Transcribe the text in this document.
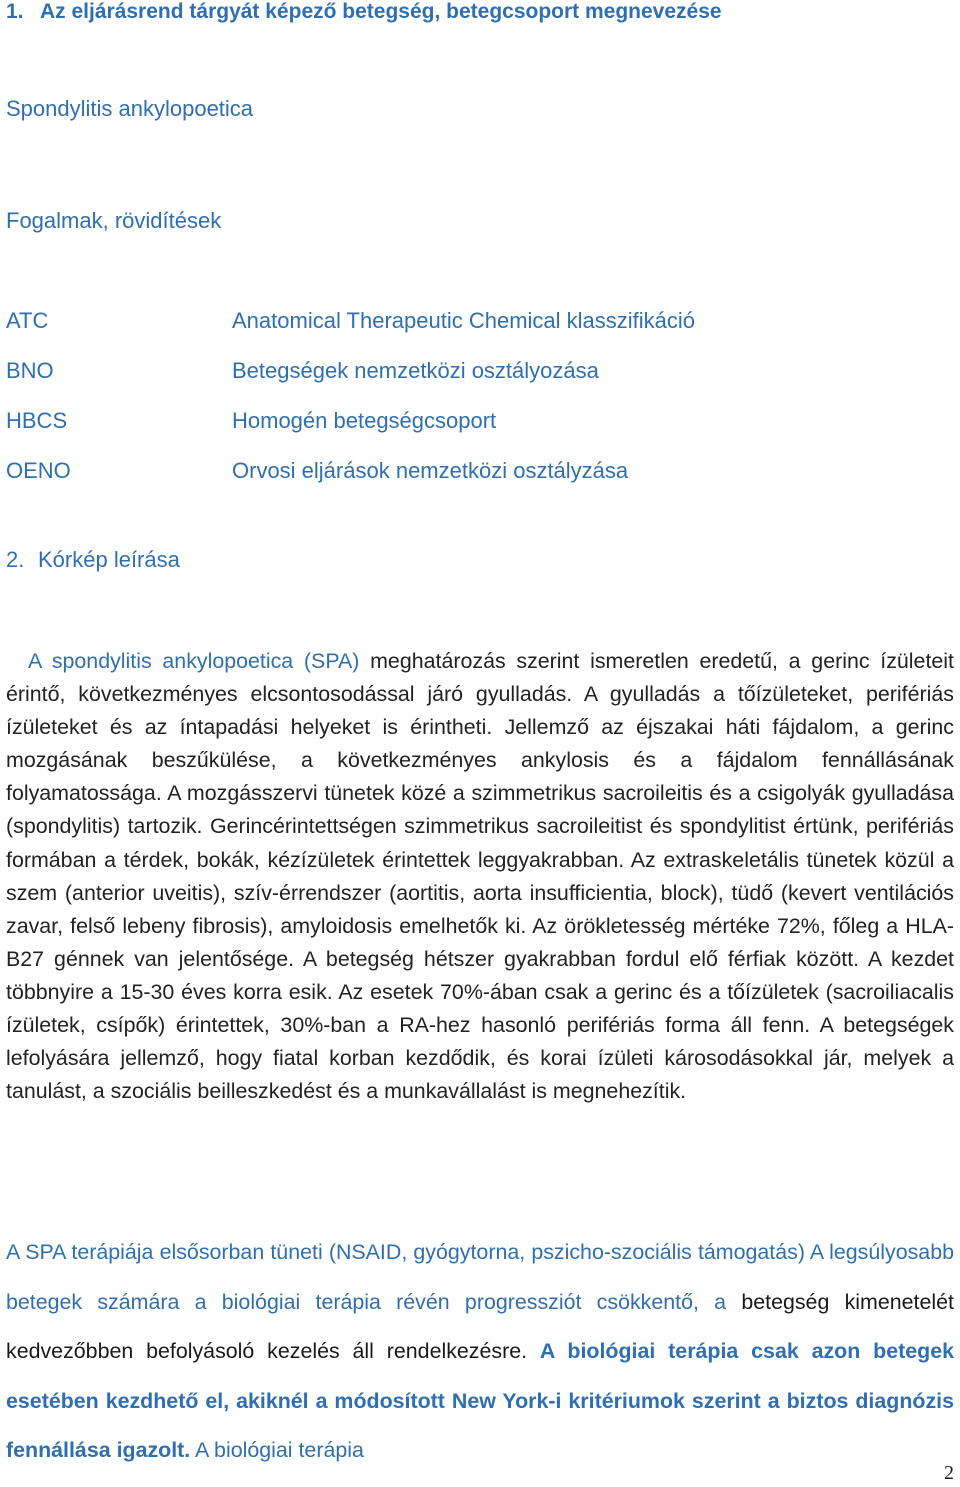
1. Az eljárásrend tárgyát képező betegség, betegcsoport megnevezése
Spondylitis ankylopoetica
Fogalmak, rövidítések
ATC	Anatomical Therapeutic Chemical klasszifikáció
BNO	Betegségek nemzetközi osztályozása
HBCS	Homogén betegségcsoport
OENO	Orvosi eljárások nemzetközi osztályzása
2. Kórkép leírása
A spondylitis ankylopoetica (SPA) meghatározás szerint ismeretlen eredetű, a gerinc ízületeit érintő, következményes elcsontosodással járó gyulladás. A gyulladás a tőízületeket, perifériás ízületeket és az íntapadási helyeket is érintheti. Jellemző az éjszakai háti fájdalom, a gerinc mozgásának beszűkülése, a következményes ankylosis és a fájdalom fennállásának folyamatossága. A mozgásszervi tünetek közé a szimmetrikus sacroileitis és a csigolyák gyulladása (spondylitis) tartozik. Gerincérintettségen szimmetrikus sacroileitist és spondylitist értünk, perifériás formában a térdek, bokák, kézízületek érintettek leggyakrabban. Az extraskeletális tünetek közül a szem (anterior uveitis), szív-érrendszer (aortitis, aorta insufficientia, block), tüdő (kevert ventilációs zavar, felső lebeny fibrosis), amyloidosis emelhetők ki. Az örökletesség mértéke 72%, főleg a HLA-B27 génnek van jelentősége. A betegség hétszer gyakrabban fordul elő férfiak között. A kezdet többnyire a 15-30 éves korra esik. Az esetek 70%-ában csak a gerinc és a tőízületek (sacroiliacalis ízületek, csípők) érintettek, 30%-ban a RA-hez hasonló perifériás forma áll fenn. A betegségek lefolyására jellemző, hogy fiatal korban kezdődik, és korai ízületi károsodásokkal jár, melyek a tanulást, a szociális beilleszkedést és a munkavállalást is megnehezítik.
A SPA terápiája elsősorban tüneti (NSAID, gyógytorna, pszicho-szociális támogatás) A legsúlyosabb betegek számára a biológiai terápia révén progressziót csökkentő, a betegség kimenetelét kedvezőbben befolyásoló kezelés áll rendelkezésre. A biológiai terápia csak azon betegek esetében kezdhető el, akiknél a módosított New York-i kritériumok szerint a biztos diagnózis fennállása igazolt. A biológiai terápia
2
